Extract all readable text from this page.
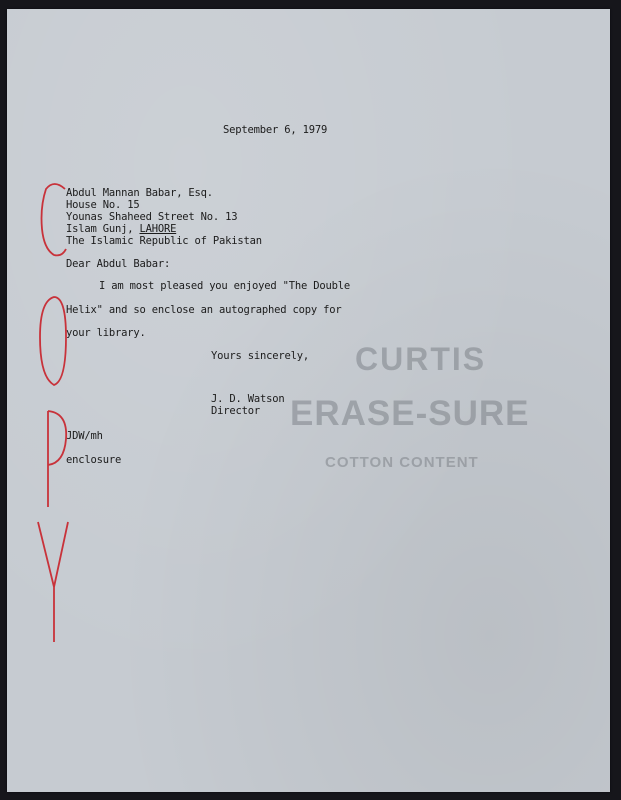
CURTIS
ERASE-SURE
COTTON CONTENT
September 6, 1979
Abdul Mannan Babar, Esq.
House No. 15
Younas Shaheed Street No. 13
Islam Gunj, LAHORE
The Islamic Republic of Pakistan
Dear Abdul Babar:
I am most pleased you enjoyed "The Double
Helix" and so enclose an autographed copy for
your library.
Yours sincerely,
J. D. Watson
Director
JDW/mh
enclosure
